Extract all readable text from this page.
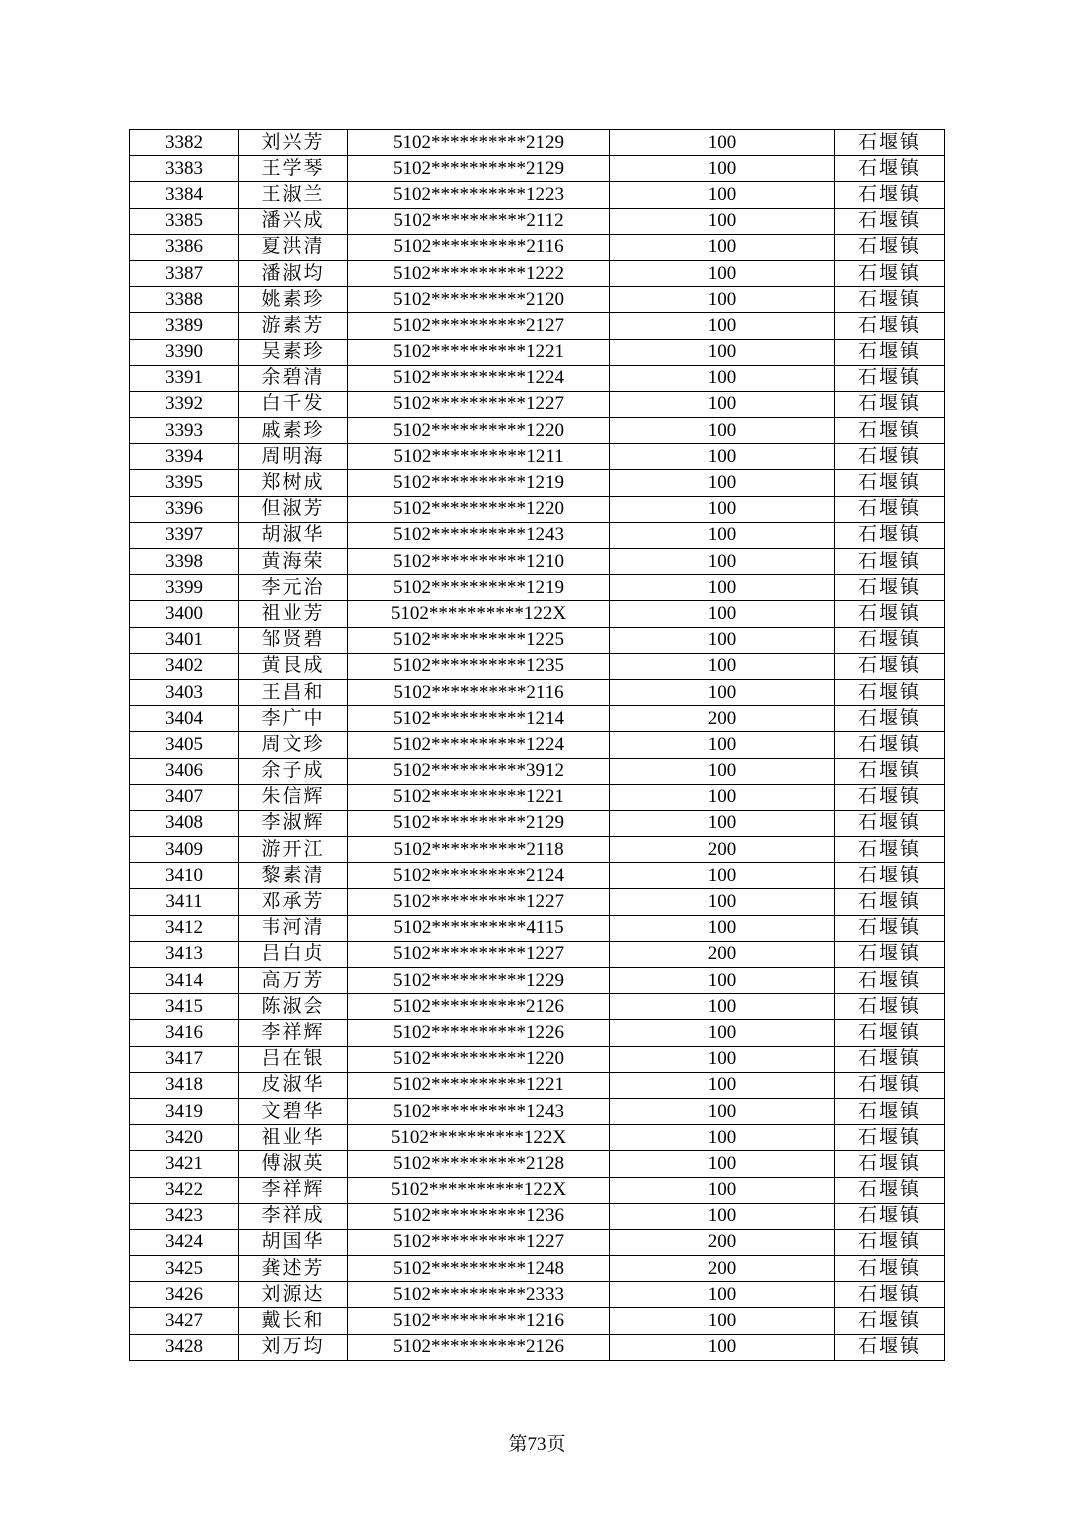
3382	刘兴芳	5102**********2129	100	石堰镇
3383	王学琴	5102**********2129	100	石堰镇
3384	王淑兰	5102**********1223	100	石堰镇
3385	潘兴成	5102**********2112	100	石堰镇
3386	夏洪清	5102**********2116	100	石堰镇
3387	潘淑均	5102**********1222	100	石堰镇
3388	姚素珍	5102**********2120	100	石堰镇
3389	游素芳	5102**********2127	100	石堰镇
3390	吴素珍	5102**********1221	100	石堰镇
3391	余碧清	5102**********1224	100	石堰镇
3392	白千发	5102**********1227	100	石堰镇
3393	戚素珍	5102**********1220	100	石堰镇
3394	周明海	5102**********1211	100	石堰镇
3395	郑树成	5102**********1219	100	石堰镇
3396	但淑芳	5102**********1220	100	石堰镇
3397	胡淑华	5102**********1243	100	石堰镇
3398	黄海荣	5102**********1210	100	石堰镇
3399	李元治	5102**********1219	100	石堰镇
3400	祖业芳	5102**********122X	100	石堰镇
3401	邹贤碧	5102**********1225	100	石堰镇
3402	黄艮成	5102**********1235	100	石堰镇
3403	王昌和	5102**********2116	100	石堰镇
3404	李广中	5102**********1214	200	石堰镇
3405	周文珍	5102**********1224	100	石堰镇
3406	余子成	5102**********3912	100	石堰镇
3407	朱信辉	5102**********1221	100	石堰镇
3408	李淑辉	5102**********2129	100	石堰镇
3409	游开江	5102**********2118	200	石堰镇
3410	黎素清	5102**********2124	100	石堰镇
3411	邓承芳	5102**********1227	100	石堰镇
3412	韦河清	5102**********4115	100	石堰镇
3413	吕白贞	5102**********1227	200	石堰镇
3414	高万芳	5102**********1229	100	石堰镇
3415	陈淑会	5102**********2126	100	石堰镇
3416	李祥辉	5102**********1226	100	石堰镇
3417	吕在银	5102**********1220	100	石堰镇
3418	皮淑华	5102**********1221	100	石堰镇
3419	文碧华	5102**********1243	100	石堰镇
3420	祖业华	5102**********122X	100	石堰镇
3421	傅淑英	5102**********2128	100	石堰镇
3422	李祥辉	5102**********122X	100	石堰镇
3423	李祥成	5102**********1236	100	石堰镇
3424	胡国华	5102**********1227	200	石堰镇
3425	龚述芳	5102**********1248	200	石堰镇
3426	刘源达	5102**********2333	100	石堰镇
3427	戴长和	5102**********1216	100	石堰镇
3428	刘万均	5102**********2126	100	石堰镇
第73页
